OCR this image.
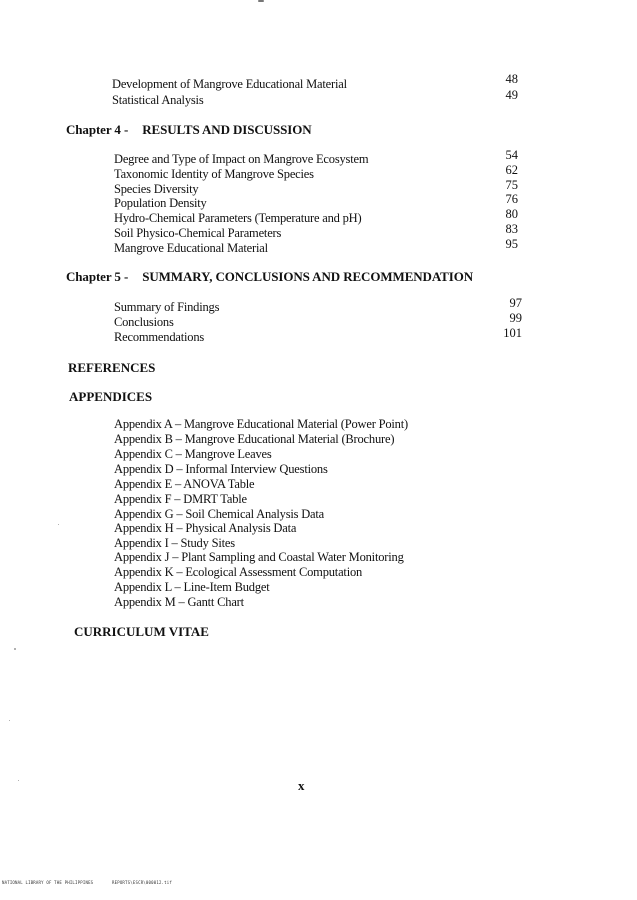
Development of Mangrove Educational Material	48
Statistical Analysis	49
Chapter 4 - RESULTS AND DISCUSSION
Degree and Type of Impact on Mangrove Ecosystem	54
Taxonomic Identity of Mangrove Species	62
Species Diversity	75
Population Density	76
Hydro-Chemical Parameters (Temperature and pH)	80
Soil Physico-Chemical Parameters	83
Mangrove Educational Material	95
Chapter 5 - SUMMARY, CONCLUSIONS AND RECOMMENDATION
Summary of Findings	97
Conclusions	99
Recommendations	101
REFERENCES
APPENDICES
Appendix A – Mangrove Educational Material (Power Point)
Appendix B – Mangrove Educational Material (Brochure)
Appendix C – Mangrove Leaves
Appendix D – Informal Interview Questions
Appendix E – ANOVA Table
Appendix F – DMRT Table
Appendix G – Soil Chemical Analysis Data
Appendix H – Physical Analysis Data
Appendix I – Study Sites
Appendix J – Plant Sampling and Coastal Water Monitoring
Appendix K – Ecological Assessment Computation
Appendix L – Line-Item Budget
Appendix M – Gantt Chart
CURRICULUM VITAE
x
NATIONAL LIBRARY OF THE PHILIPPINES	REPORTS\ESCR\000012.tif
